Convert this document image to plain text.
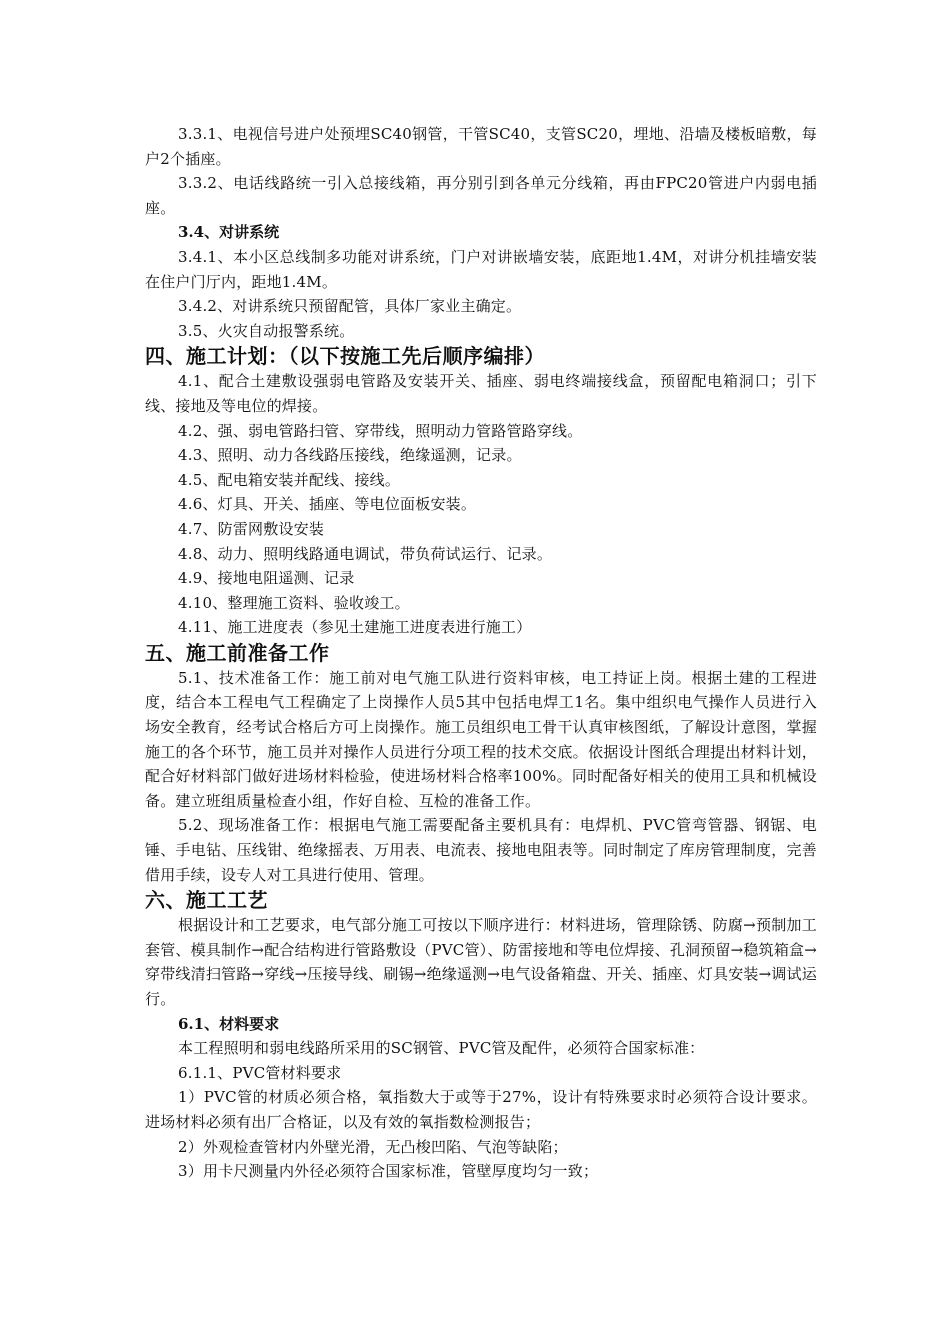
3.3.1、电视信号进户处预埋SC40钢管，干管SC40，支管SC20，埋地、沿墙及楼板暗敷，每户2个插座。

3.3.2、电话线路统一引入总接线箱，再分别引到各单元分线箱，再由FPC20管进户内弱电插座。

3.4、对讲系统

3.4.1、本小区总线制多功能对讲系统，门户对讲嵌墙安装，底距地1.4M，对讲分机挂墙安装在住户门厅内，距地1.4M。

3.4.2、对讲系统只预留配管，具体厂家业主确定。

3.5、火灾自动报警系统。

四、施工计划：（以下按施工先后顺序编排）

4.1、配合土建敷设强弱电管路及安装开关、插座、弱电终端接线盒，预留配电箱洞口；引下线、接地及等电位的焊接。

4.2、强、弱电管路扫管、穿带线，照明动力管路管路穿线。

4.3、照明、动力各线路压接线，绝缘遥测，记录。

4.5、配电箱安装并配线、接线。

4.6、灯具、开关、插座、等电位面板安装。

4.7、防雷网敷设安装

4.8、动力、照明线路通电调试，带负荷试运行、记录。

4.9、接地电阻遥测、记录

4.10、整理施工资料、验收竣工。

4.11、施工进度表（参见土建施工进度表进行施工）

五、施工前准备工作

5.1、技术准备工作：施工前对电气施工队进行资料审核，电工持证上岗。根据土建的工程进度，结合本工程电气工程确定了上岗操作人员5其中包括电焊工1名。集中组织电气操作人员进行入场安全教育，经考试合格后方可上岗操作。施工员组织电工骨干认真审核图纸，了解设计意图，掌握施工的各个环节，施工员并对操作人员进行分项工程的技术交底。依据设计图纸合理提出材料计划，配合好材料部门做好进场材料检验，使进场材料合格率100%。同时配备好相关的使用工具和机械设备。建立班组质量检查小组，作好自检、互检的准备工作。

5.2、现场准备工作：根据电气施工需要配备主要机具有：电焊机、PVC管弯管器、钢锯、电锤、手电钻、压线钳、绝缘摇表、万用表、电流表、接地电阻表等。同时制定了库房管理制度，完善借用手续，设专人对工具进行使用、管理。

六、施工工艺

根据设计和工艺要求，电气部分施工可按以下顺序进行：材料进场，管理除锈、防腐→预制加工套管、模具制作→配合结构进行管路敷设（PVC管）、防雷接地和等电位焊接、孔洞预留→稳筑箱盒→穿带线清扫管路→穿线→压接导线、刷锡→绝缘遥测→电气设备箱盘、开关、插座、灯具安装→调试运行。

6.1、材料要求

本工程照明和弱电线路所采用的SC钢管、PVC管及配件，必须符合国家标准：

6.1.1、PVC管材料要求

1）PVC管的材质必须合格，氧指数大于或等于27%，设计有特殊要求时必须符合设计要求。进场材料必须有出厂合格证，以及有效的氧指数检测报告；

2）外观检查管材内外壁光滑，无凸梭凹陷、气泡等缺陷；

3）用卡尺测量内外径必须符合国家标准，管壁厚度均匀一致；
